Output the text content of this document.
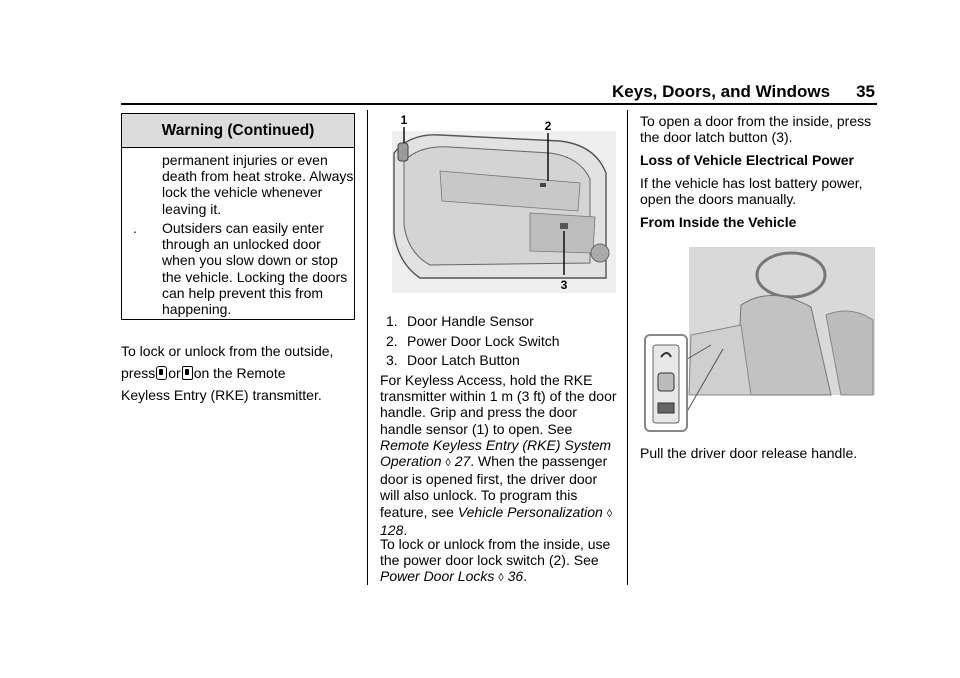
Keys, Doors, and Windows 35
Warning (Continued)
permanent injuries or even death from heat stroke. Always lock the vehicle whenever leaving it.
. Outsiders can easily enter through an unlocked door when you slow down or stop the vehicle. Locking the doors can help prevent this from happening.
To lock or unlock from the outside,
press or on the Remote
Keyless Entry (RKE) transmitter.
1	2
3
1. Door Handle Sensor
2. Power Door Lock Switch
3. Door Latch Button
For Keyless Access, hold the RKE transmitter within 1 m (3 ft) of the door handle. Grip and press the door handle sensor (1) to open. See Remote Keyless Entry (RKE) System Operation ◊ 27. When the passenger door is opened first, the driver door will also unlock. To program this feature, see Vehicle Personalization ◊ 128.
To lock or unlock from the inside, use the power door lock switch (2). See Power Door Locks ◊ 36.
To open a door from the inside, press the door latch button (3).
Loss of Vehicle Electrical Power
If the vehicle has lost battery power, open the doors manually.
From Inside the Vehicle
Pull the driver door release handle.
